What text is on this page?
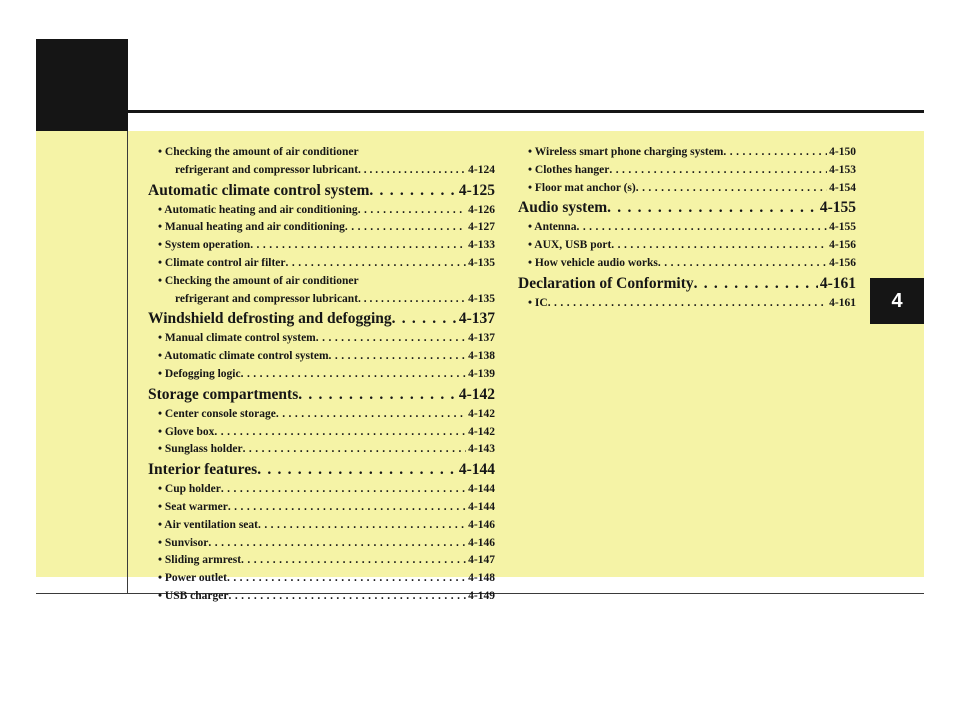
4
• Checking the amount of air conditioner
refrigerant and compressor lubricant . . .	4-124
Automatic climate control system . . .	4-125
• Automatic heating and air conditioning . . .	4-126
• Manual heating and air conditioning . . .	4-127
• System operation . . .	4-133
• Climate control air filter . . .	4-135
• Checking the amount of air conditioner
refrigerant and compressor lubricant . . .	4-135
Windshield defrosting and defogging . . .	4-137
• Manual climate control system . . .	4-137
• Automatic climate control system . . .	4-138
• Defogging logic . . .	4-139
Storage compartments . . .	4-142
• Center console storage . . .	4-142
• Glove box . . .	4-142
• Sunglass holder . . .	4-143
Interior features . . .	4-144
• Cup holder . . .	4-144
• Seat warmer . . .	4-144
• Air ventilation seat . . .	4-146
• Sunvisor . . .	4-146
• Sliding armrest . . .	4-147
• Power outlet . . .	4-148
• USB charger . . .	4-149
• Wireless smart phone charging system . . .	4-150
• Clothes hanger . . .	4-153
• Floor mat anchor (s) . . .	4-154
Audio system . . .	4-155
• Antenna . . .	4-155
• AUX, USB port . . .	4-156
• How vehicle audio works . . .	4-156
Declaration of Conformity . . .	4-161
• IC . . .	4-161
